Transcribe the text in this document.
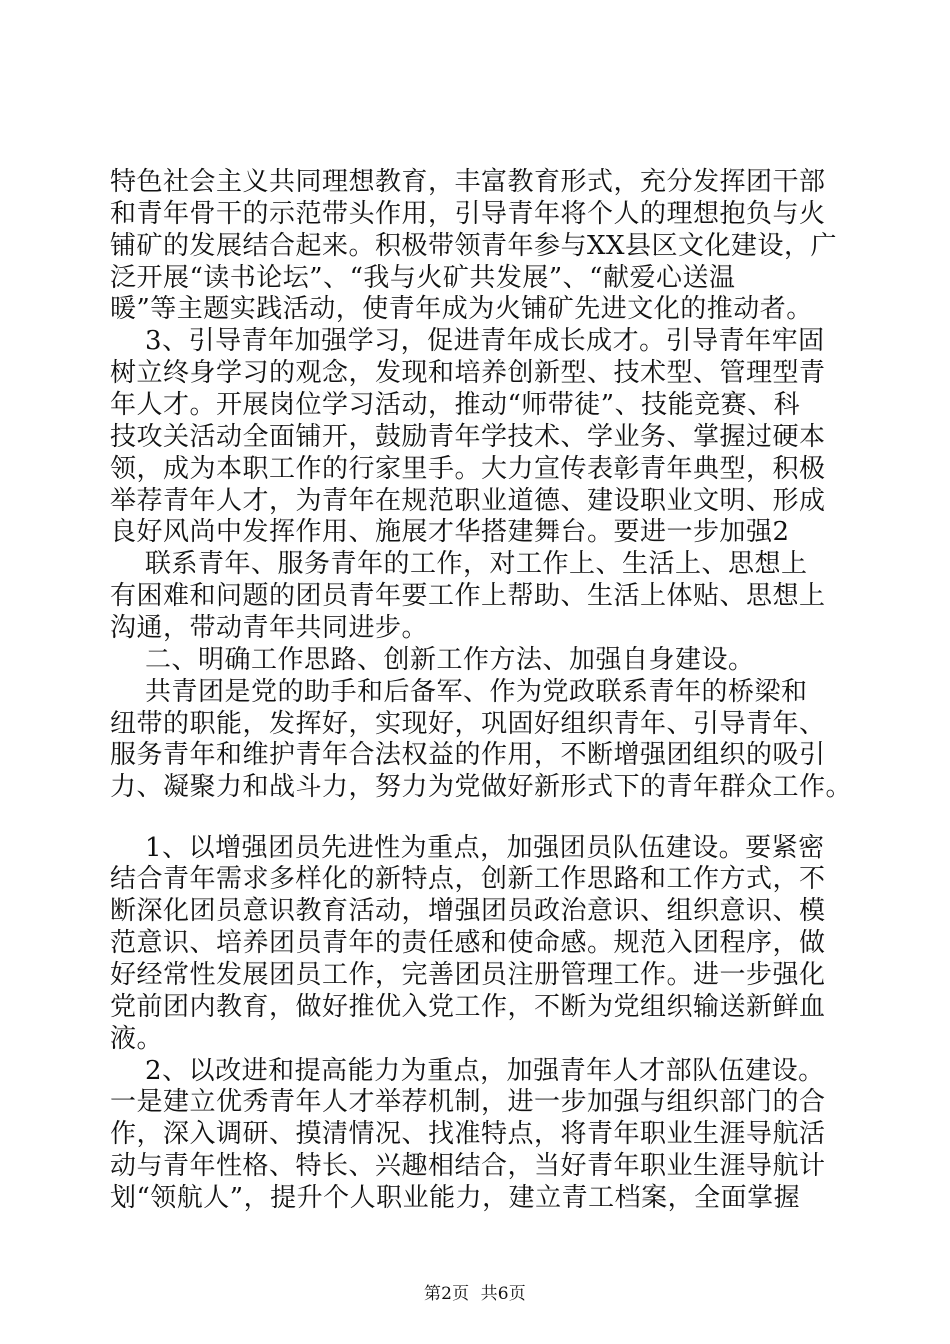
特色社会主义共同理想教育，丰富教育形式，充分发挥团干部
和青年骨干的示范带头作用，引导青年将个人的理想抱负与火
铺矿的发展结合起来。积极带领青年参与XX县区文化建设，广
泛开展“读书论坛”、“我与火矿共发展”、“献爱心送温
暖”等主题实践活动，使青年成为火铺矿先进文化的推动者。
3、引导青年加强学习，促进青年成长成才。引导青年牢固
树立终身学习的观念，发现和培养创新型、技术型、管理型青
年人才。开展岗位学习活动，推动“师带徒”、技能竞赛、科
技攻关活动全面铺开，鼓励青年学技术、学业务、掌握过硬本
领，成为本职工作的行家里手。大力宣传表彰青年典型，积极
举荐青年人才，为青年在规范职业道德、建设职业文明、形成
良好风尚中发挥作用、施展才华搭建舞台。要进一步加强2
联系青年、服务青年的工作，对工作上、生活上、思想上
有困难和问题的团员青年要工作上帮助、生活上体贴、思想上
沟通，带动青年共同进步。
二、明确工作思路、创新工作方法、加强自身建设。
共青团是党的助手和后备军、作为党政联系青年的桥梁和
纽带的职能，发挥好，实现好，巩固好组织青年、引导青年、
服务青年和维护青年合法权益的作用，不断增强团组织的吸引
力、凝聚力和战斗力，努力为党做好新形式下的青年群众工作。
1、以增强团员先进性为重点，加强团员队伍建设。要紧密
结合青年需求多样化的新特点，创新工作思路和工作方式，不
断深化团员意识教育活动，增强团员政治意识、组织意识、模
范意识、培养团员青年的责任感和使命感。规范入团程序，做
好经常性发展团员工作，完善团员注册管理工作。进一步强化
党前团内教育，做好推优入党工作，不断为党组织输送新鲜血
液。
2、以改进和提高能力为重点，加强青年人才部队伍建设。
一是建立优秀青年人才举荐机制，进一步加强与组织部门的合
作，深入调研、摸清情况、找准特点，将青年职业生涯导航活
动与青年性格、特长、兴趣相结合，当好青年职业生涯导航计
划“领航人”，提升个人职业能力，建立青工档案，全面掌握
第2页  共6页
